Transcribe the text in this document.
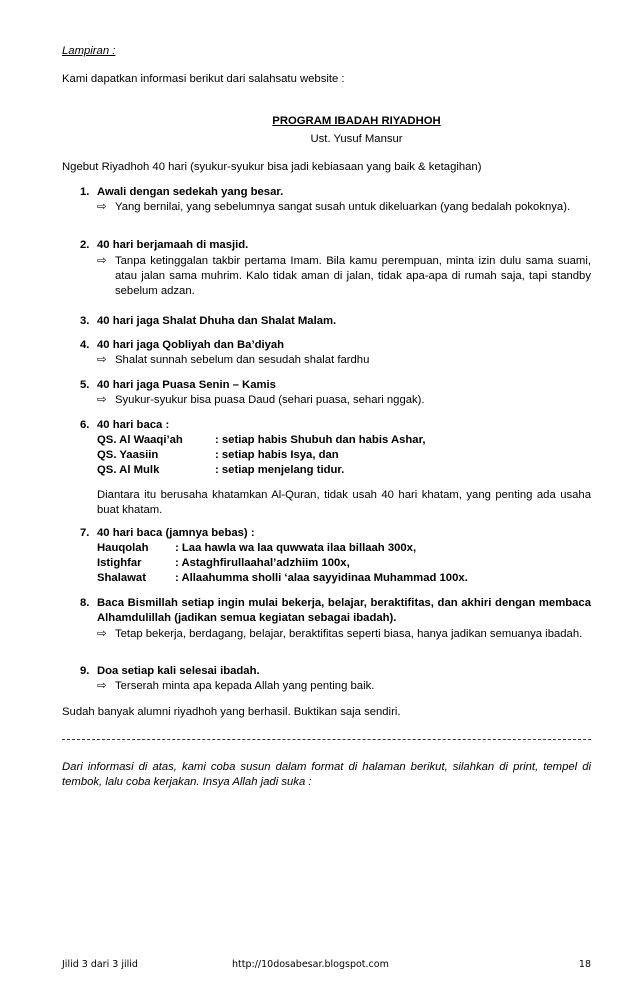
Lampiran :
Kami dapatkan informasi berikut dari salahsatu website :
PROGRAM IBADAH RIYADHOH
Ust. Yusuf Mansur
Ngebut Riyadhoh 40 hari (syukur-syukur bisa jadi kebiasaan yang baik & ketagihan)
1. Awali dengan sedekah yang besar.
⇨ Yang bernilai, yang sebelumnya sangat susah untuk dikeluarkan (yang bedalah pokoknya).
2. 40 hari berjamaah di masjid.
⇨ Tanpa ketinggalan takbir pertama Imam. Bila kamu perempuan, minta izin dulu sama suami, atau jalan sama muhrim. Kalo tidak aman di jalan, tidak apa-apa di rumah saja, tapi standby sebelum adzan.
3. 40 hari jaga Shalat Dhuha dan Shalat Malam.
4. 40 hari jaga Qobliyah dan Ba’diyah
⇨ Shalat sunnah sebelum dan sesudah shalat fardhu
5. 40 hari jaga Puasa Senin – Kamis
⇨ Syukur-syukur bisa puasa Daud (sehari puasa, sehari nggak).
6. 40 hari baca :
QS. Al Waaqi’ah	: setiap habis Shubuh dan habis Ashar,
QS. Yaasiin	: setiap habis Isya, dan
QS. Al Mulk	: setiap menjelang tidur.
Diantara itu berusaha khatamkan Al-Quran, tidak usah 40 hari khatam, yang penting ada usaha buat khatam.
7. 40 hari baca (jamnya bebas) :
Hauqolah : Laa hawla wa laa quwwata ilaa billaah 300x,
Istighfar	: Astaghfirullaahal’adzhiim 100x,
Shalawat	: Allaahumma sholli ‘alaa sayyidinaa Muhammad 100x.
8. Baca Bismillah setiap ingin mulai bekerja, belajar, beraktifitas, dan akhiri dengan membaca Alhamdulillah (jadikan semua kegiatan sebagai ibadah).
⇨ Tetap bekerja, berdagang, belajar, beraktifitas seperti biasa, hanya jadikan semuanya ibadah.
9. Doa setiap kali selesai ibadah.
⇨ Terserah minta apa kepada Allah yang penting baik.
Sudah banyak alumni riyadhoh yang berhasil. Buktikan saja sendiri.
Dari informasi di atas, kami coba susun dalam format di halaman berikut, silahkan di print, tempel di tembok, lalu coba kerjakan. Insya Allah jadi suka :
Jilid 3 dari 3 jilid	http://10dosabesar.blogspot.com	18
